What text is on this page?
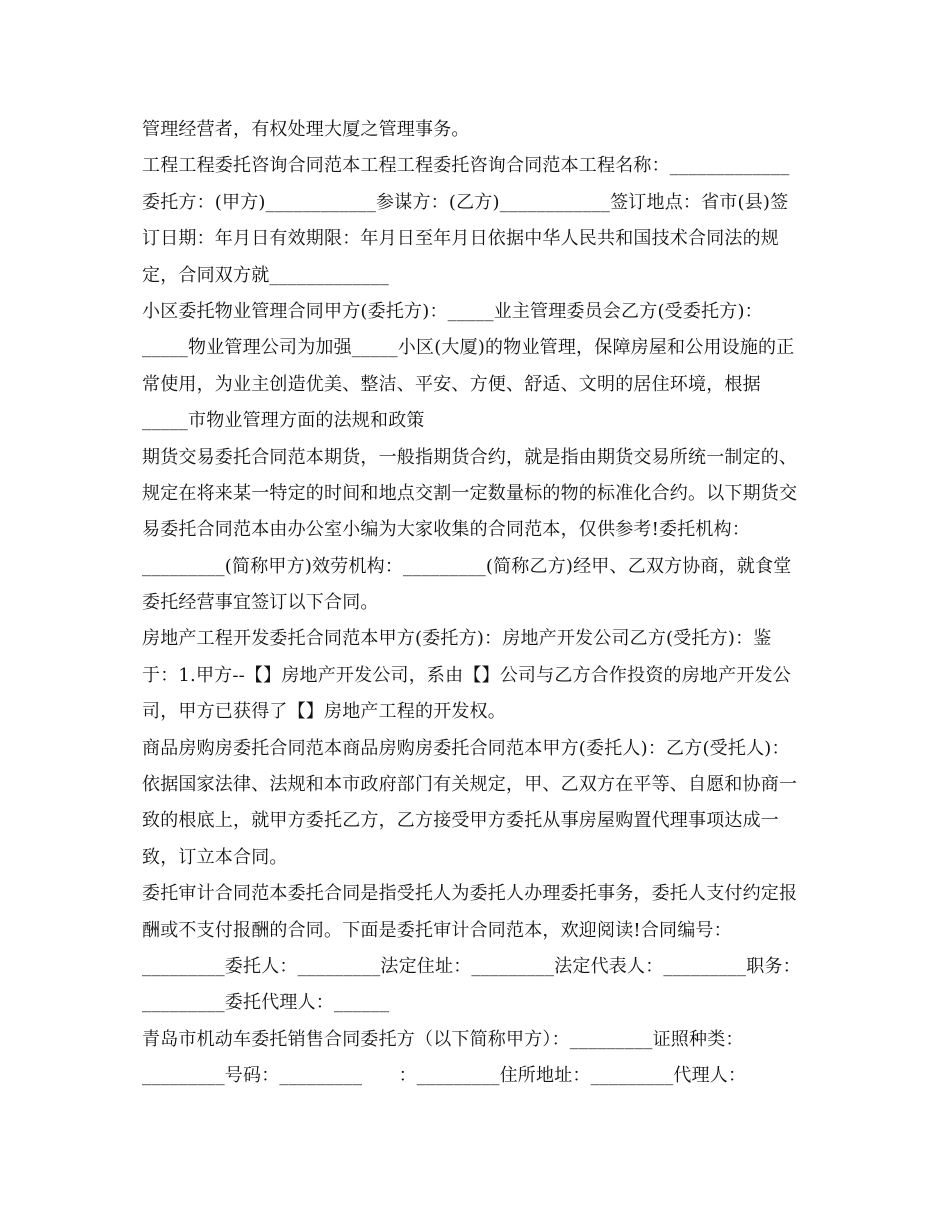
管理经营者，有权处理大厦之管理事务。
工程工程委托咨询合同范本工程工程委托咨询合同范本工程名称：_____________
委托方：(甲方)____________参谋方：(乙方)____________签订地点：省市(县)签
订日期：年月日有效期限：年月日至年月日依据中华人民共和国技术合同法的规
定，合同双方就_____________
小区委托物业管理合同甲方(委托方)：_____业主管理委员会乙方(受委托方)：
_____物业管理公司为加强_____小区(大厦)的物业管理，保障房屋和公用设施的正
常使用，为业主创造优美、整洁、平安、方便、舒适、文明的居住环境，根据
_____市物业管理方面的法规和政策
期货交易委托合同范本期货，一般指期货合约，就是指由期货交易所统一制定的、
规定在将来某一特定的时间和地点交割一定数量标的物的标准化合约。以下期货交
易委托合同范本由办公室小编为大家收集的合同范本，仅供参考!委托机构：
_________(简称甲方)效劳机构：_________(简称乙方)经甲、乙双方协商，就食堂
委托经营事宜签订以下合同。
房地产工程开发委托合同范本甲方(委托方)：房地产开发公司乙方(受托方)：鉴
于：1.甲方--【】房地产开发公司，系由【】公司与乙方合作投资的房地产开发公
司，甲方已获得了【】房地产工程的开发权。
商品房购房委托合同范本商品房购房委托合同范本甲方(委托人)：乙方(受托人)：
依据国家法律、法规和本市政府部门有关规定，甲、乙双方在平等、自愿和协商一
致的根底上，就甲方委托乙方，乙方接受甲方委托从事房屋购置代理事项达成一
致，订立本合同。
委托审计合同范本委托合同是指受托人为委托人办理委托事务，委托人支付约定报
酬或不支付报酬的合同。下面是委托审计合同范本，欢迎阅读!合同编号：
_________委托人：_________法定住址：_________法定代表人：_________职务：
_________委托代理人：______
青岛市机动车委托销售合同委托方（以下简称甲方）：_________证照种类：
_________号码：_________　　：_________住所地址：_________代理人：
